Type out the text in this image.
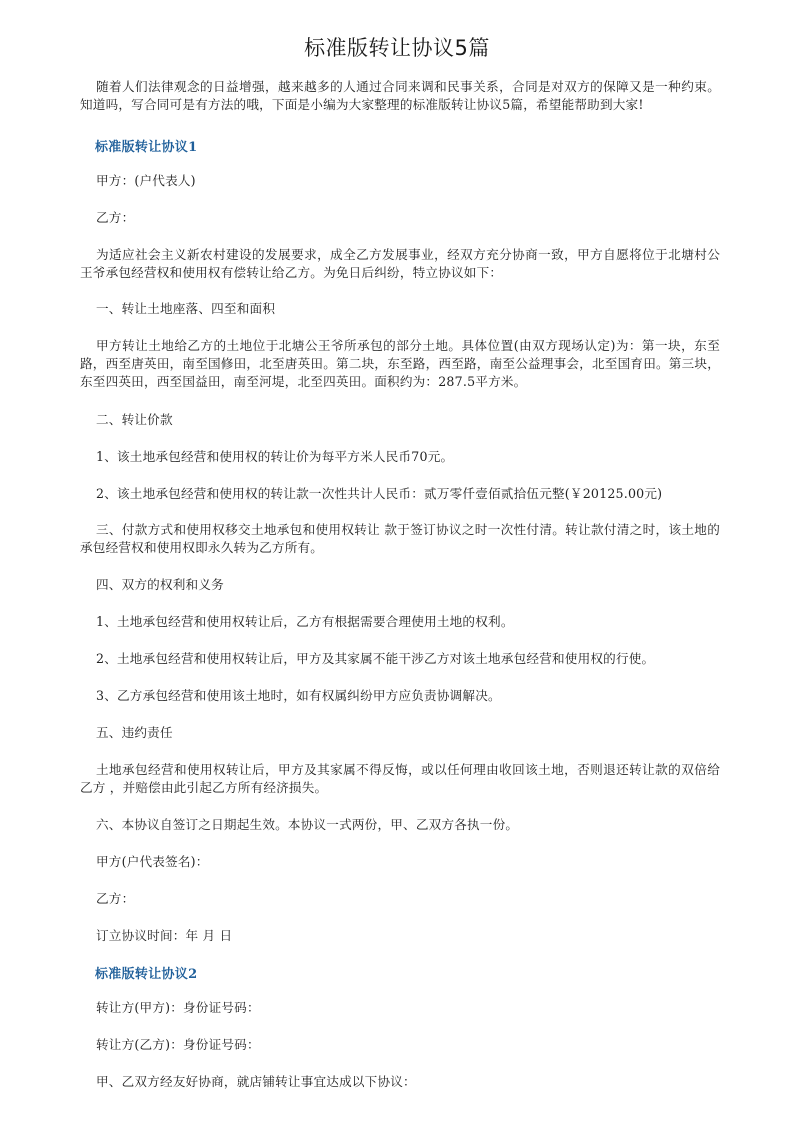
标准版转让协议5篇

随着人们法律观念的日益增强，越来越多的人通过合同来调和民事关系，合同是对双方的保障又是一种约束。知道吗，写合同可是有方法的哦，下面是小编为大家整理的标准版转让协议5篇，希望能帮助到大家!

标准版转让协议1

甲方：(户代表人)

乙方：

为适应社会主义新农村建设的发展要求，成全乙方发展事业，经双方充分协商一致，甲方自愿将位于北塘村公王爷承包经营权和使用权有偿转让给乙方。为免日后纠纷，特立协议如下：

一、转让土地座落、四至和面积

甲方转让土地给乙方的土地位于北塘公王爷所承包的部分土地。具体位置(由双方现场认定)为：第一块，东至路，西至唐英田，南至国修田，北至唐英田。第二块，东至路，西至路，南至公益理事会，北至国育田。第三块，东至四英田，西至国益田，南至河堤，北至四英田。面积约为：287.5平方米。

二、转让价款

1、该土地承包经营和使用权的转让价为每平方米人民币70元。

2、该土地承包经营和使用权的转让款一次性共计人民币：贰万零仟壹佰贰拾伍元整(￥20125.00元)

三、付款方式和使用权移交土地承包和使用权转让 款于签订协议之时一次性付清。转让款付清之时，该土地的承包经营权和使用权即永久转为乙方所有。

四、双方的权利和义务

1、土地承包经营和使用权转让后，乙方有根据需要合理使用土地的权利。

2、土地承包经营和使用权转让后，甲方及其家属不能干涉乙方对该土地承包经营和使用权的行使。

3、乙方承包经营和使用该土地时，如有权属纠纷甲方应负责协调解决。

五、违约责任

土地承包经营和使用权转让后，甲方及其家属不得反悔，或以任何理由收回该土地，否则退还转让款的双倍给乙方 ，并赔偿由此引起乙方所有经济损失。

六、本协议自签订之日期起生效。本协议一式两份，甲、乙双方各执一份。

甲方(户代表签名)：

乙方：

订立协议时间：年 月 日

标准版转让协议2

转让方(甲方)：身份证号码：

转让方(乙方)：身份证号码：

甲、乙双方经友好协商，就店铺转让事宜达成以下协议：
